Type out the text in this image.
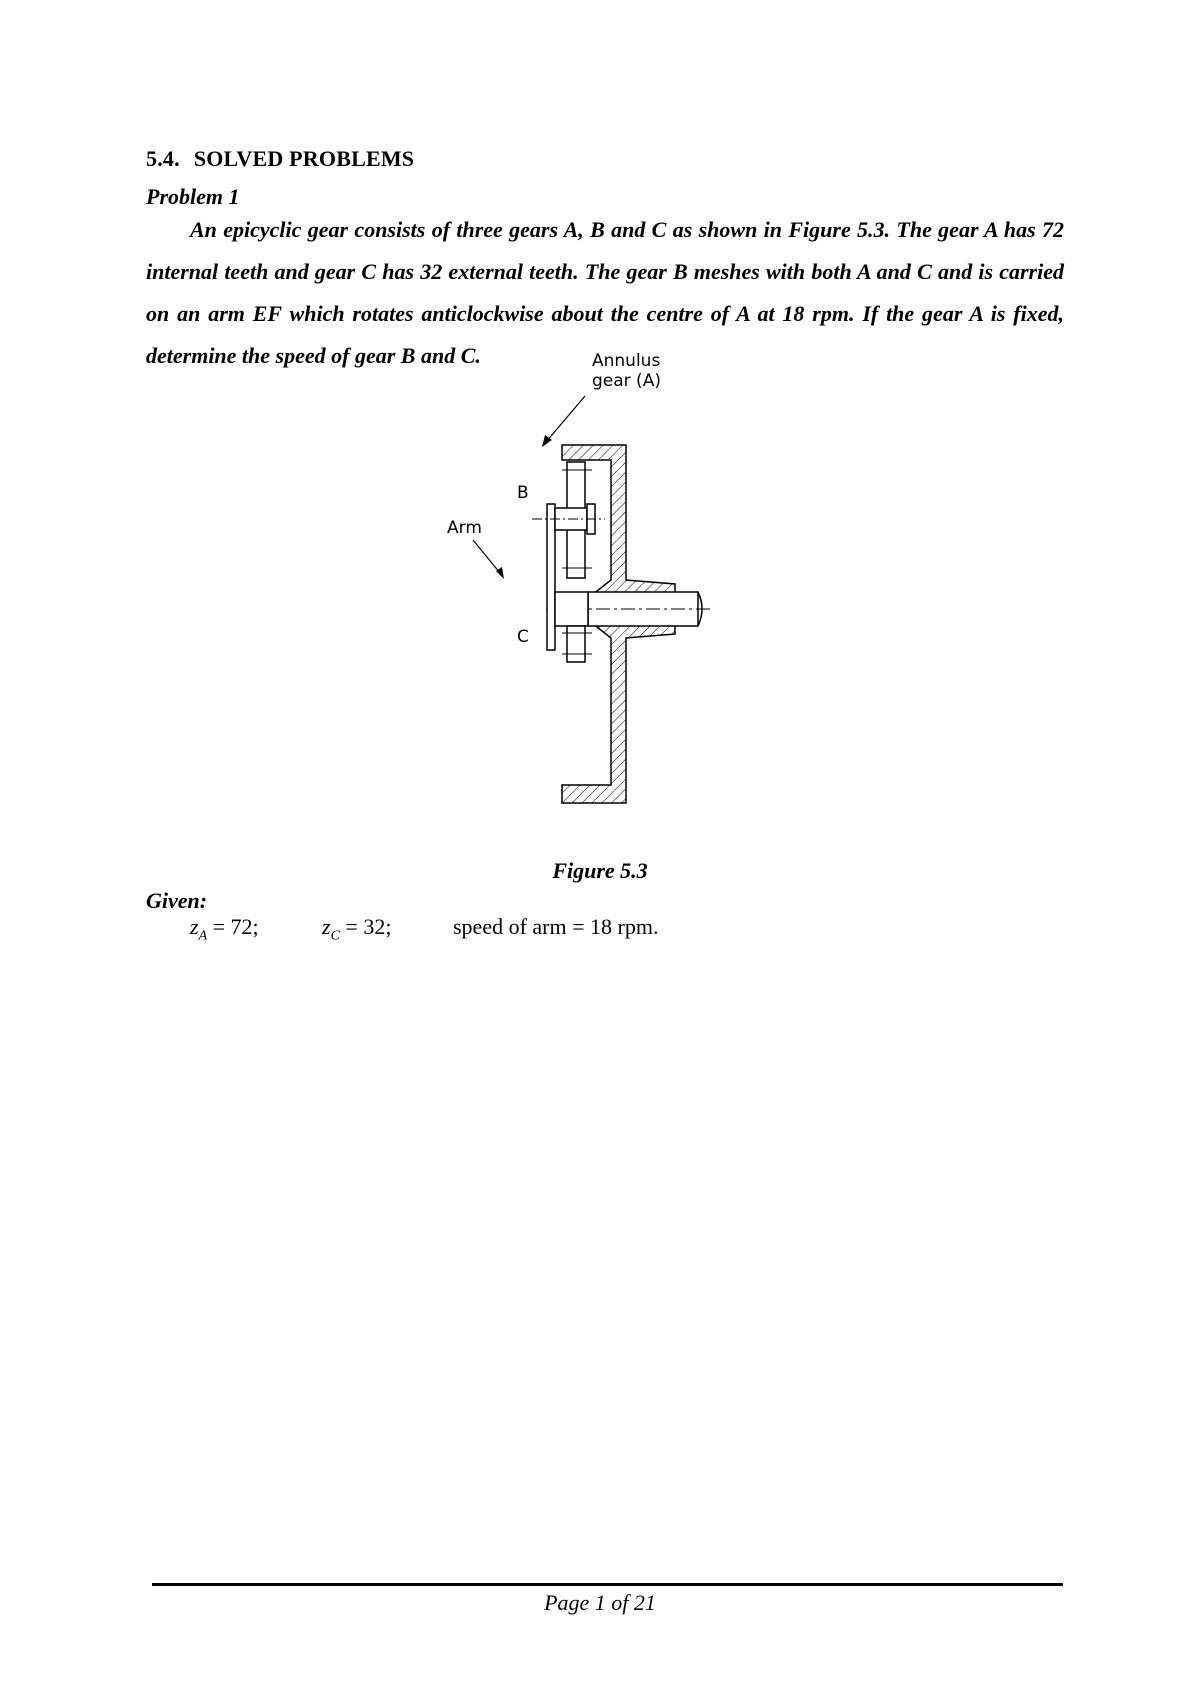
5.4. SOLVED PROBLEMS
Problem 1

An epicyclic gear consists of three gears A, B and C as shown in Figure 5.3. The gear A has 72 internal teeth and gear C has 32 external teeth. The gear B meshes with both A and C and is carried on an arm EF which rotates anticlockwise about the centre of A at 18 rpm. If the gear A is fixed, determine the speed of gear B and C.	Annulus
gear (A)
B
C
Arm
Figure 5.3
Given:
$z_A = 72$;	$z_C = 32$;	speed of arm = 18 rpm.
Page 1 of 21
